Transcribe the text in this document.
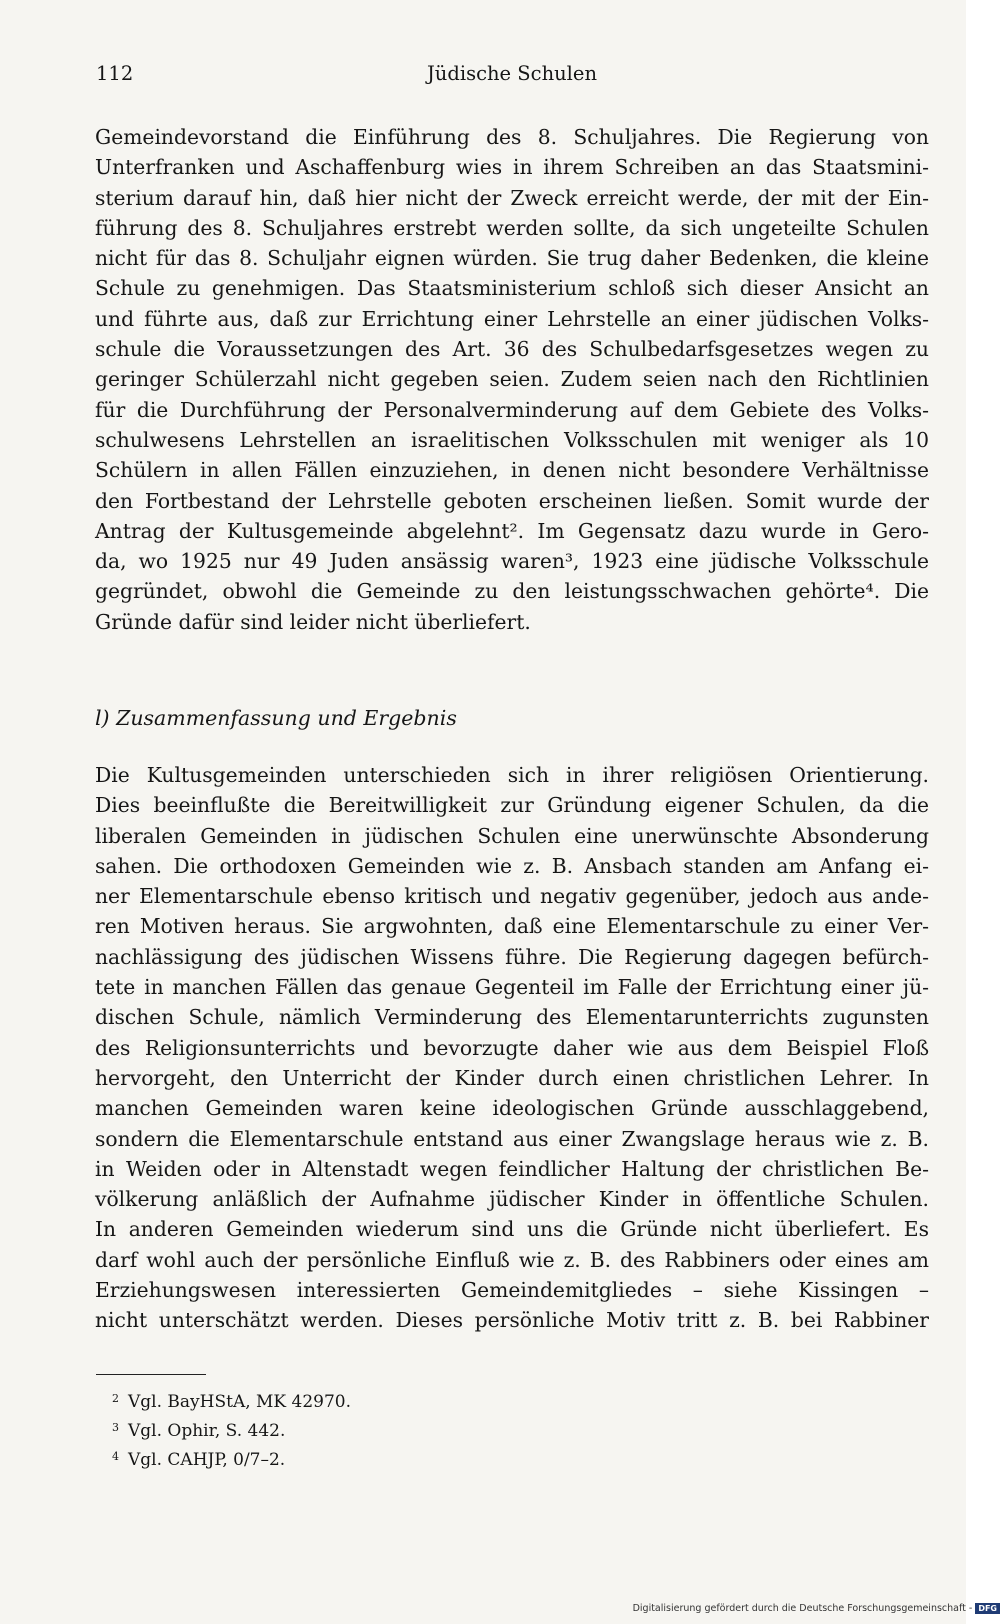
112	Jüdische Schulen
Gemeindevorstand die Einführung des 8. Schuljahres. Die Regierung von
Unterfranken und Aschaffenburg wies in ihrem Schreiben an das Staatsmini-
sterium darauf hin, daß hier nicht der Zweck erreicht werde, der mit der Ein-
führung des 8. Schuljahres erstrebt werden sollte, da sich ungeteilte Schulen
nicht für das 8. Schuljahr eignen würden. Sie trug daher Bedenken, die kleine
Schule zu genehmigen. Das Staatsministerium schloß sich dieser Ansicht an
und führte aus, daß zur Errichtung einer Lehrstelle an einer jüdischen Volks-
schule die Voraussetzungen des Art. 36 des Schulbedarfsgesetzes wegen zu
geringer Schülerzahl nicht gegeben seien. Zudem seien nach den Richtlinien
für die Durchführung der Personalverminderung auf dem Gebiete des Volks-
schulwesens Lehrstellen an israelitischen Volksschulen mit weniger als 10
Schülern in allen Fällen einzuziehen, in denen nicht besondere Verhältnisse
den Fortbestand der Lehrstelle geboten erscheinen ließen. Somit wurde der
Antrag der Kultusgemeinde abgelehnt². Im Gegensatz dazu wurde in Gero-
da, wo 1925 nur 49 Juden ansässig waren³, 1923 eine jüdische Volksschule
gegründet, obwohl die Gemeinde zu den leistungsschwachen gehörte⁴. Die
Gründe dafür sind leider nicht überliefert.
l) Zusammenfassung und Ergebnis
Die Kultusgemeinden unterschieden sich in ihrer religiösen Orientierung.
Dies beeinflußte die Bereitwilligkeit zur Gründung eigener Schulen, da die
liberalen Gemeinden in jüdischen Schulen eine unerwünschte Absonderung
sahen. Die orthodoxen Gemeinden wie z. B. Ansbach standen am Anfang ei-
ner Elementarschule ebenso kritisch und negativ gegenüber, jedoch aus ande-
ren Motiven heraus. Sie argwohnten, daß eine Elementarschule zu einer Ver-
nachlässigung des jüdischen Wissens führe. Die Regierung dagegen befürch-
tete in manchen Fällen das genaue Gegenteil im Falle der Errichtung einer jü-
dischen Schule, nämlich Verminderung des Elementarunterrichts zugunsten
des Religionsunterrichts und bevorzugte daher wie aus dem Beispiel Floß
hervorgeht, den Unterricht der Kinder durch einen christlichen Lehrer. In
manchen Gemeinden waren keine ideologischen Gründe ausschlaggebend,
sondern die Elementarschule entstand aus einer Zwangslage heraus wie z. B.
in Weiden oder in Altenstadt wegen feindlicher Haltung der christlichen Be-
völkerung anläßlich der Aufnahme jüdischer Kinder in öffentliche Schulen.
In anderen Gemeinden wiederum sind uns die Gründe nicht überliefert. Es
darf wohl auch der persönliche Einfluß wie z. B. des Rabbiners oder eines am
Erziehungswesen interessierten Gemeindemitgliedes – siehe Kissingen –
nicht unterschätzt werden. Dieses persönliche Motiv tritt z. B. bei Rabbiner
2 Vgl. BayHStA, MK 42970.
3 Vgl. Ophir, S. 442.
4 Vgl. CAHJP, 0/7–2.
Digitalisierung gefördert durch die Deutsche Forschungsgemeinschaft - DFG
